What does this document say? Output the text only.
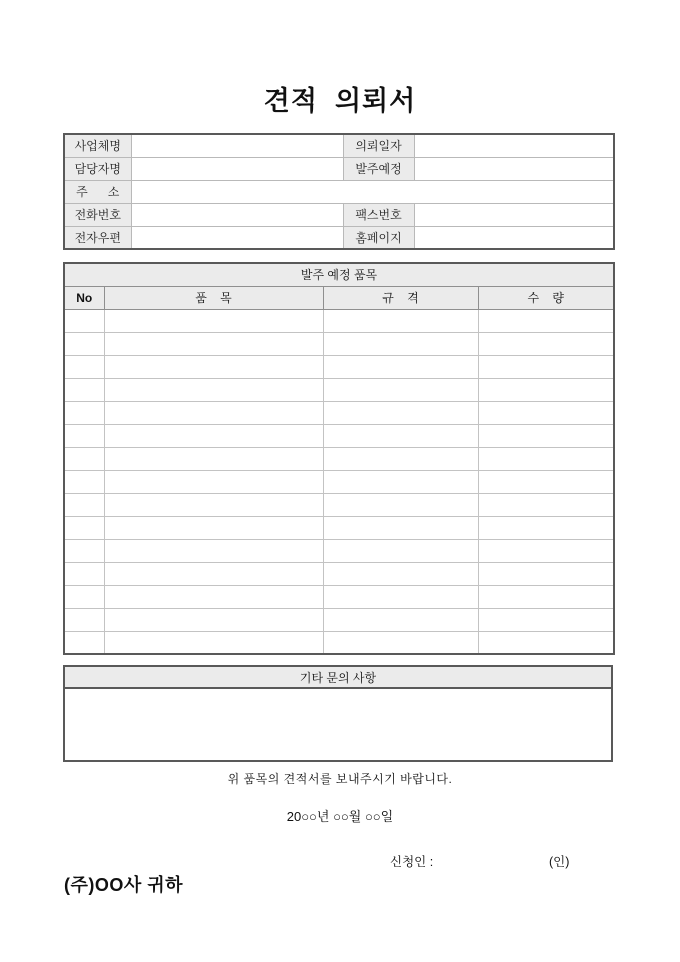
견적  의뢰서
사업체명		의뢰일자	
담당자명		발주예정	
주      소			
전화번호		팩스번호	
전자우편		홈페이지	
발주 예정 품목			
No	품    목	규    격	수    량

기타 문의 사항
위 품목의 견적서를 보내주시기 바랍니다.
20○○년 ○○월 ○○일
신청인 :	(인)
(주)OO사 귀하
